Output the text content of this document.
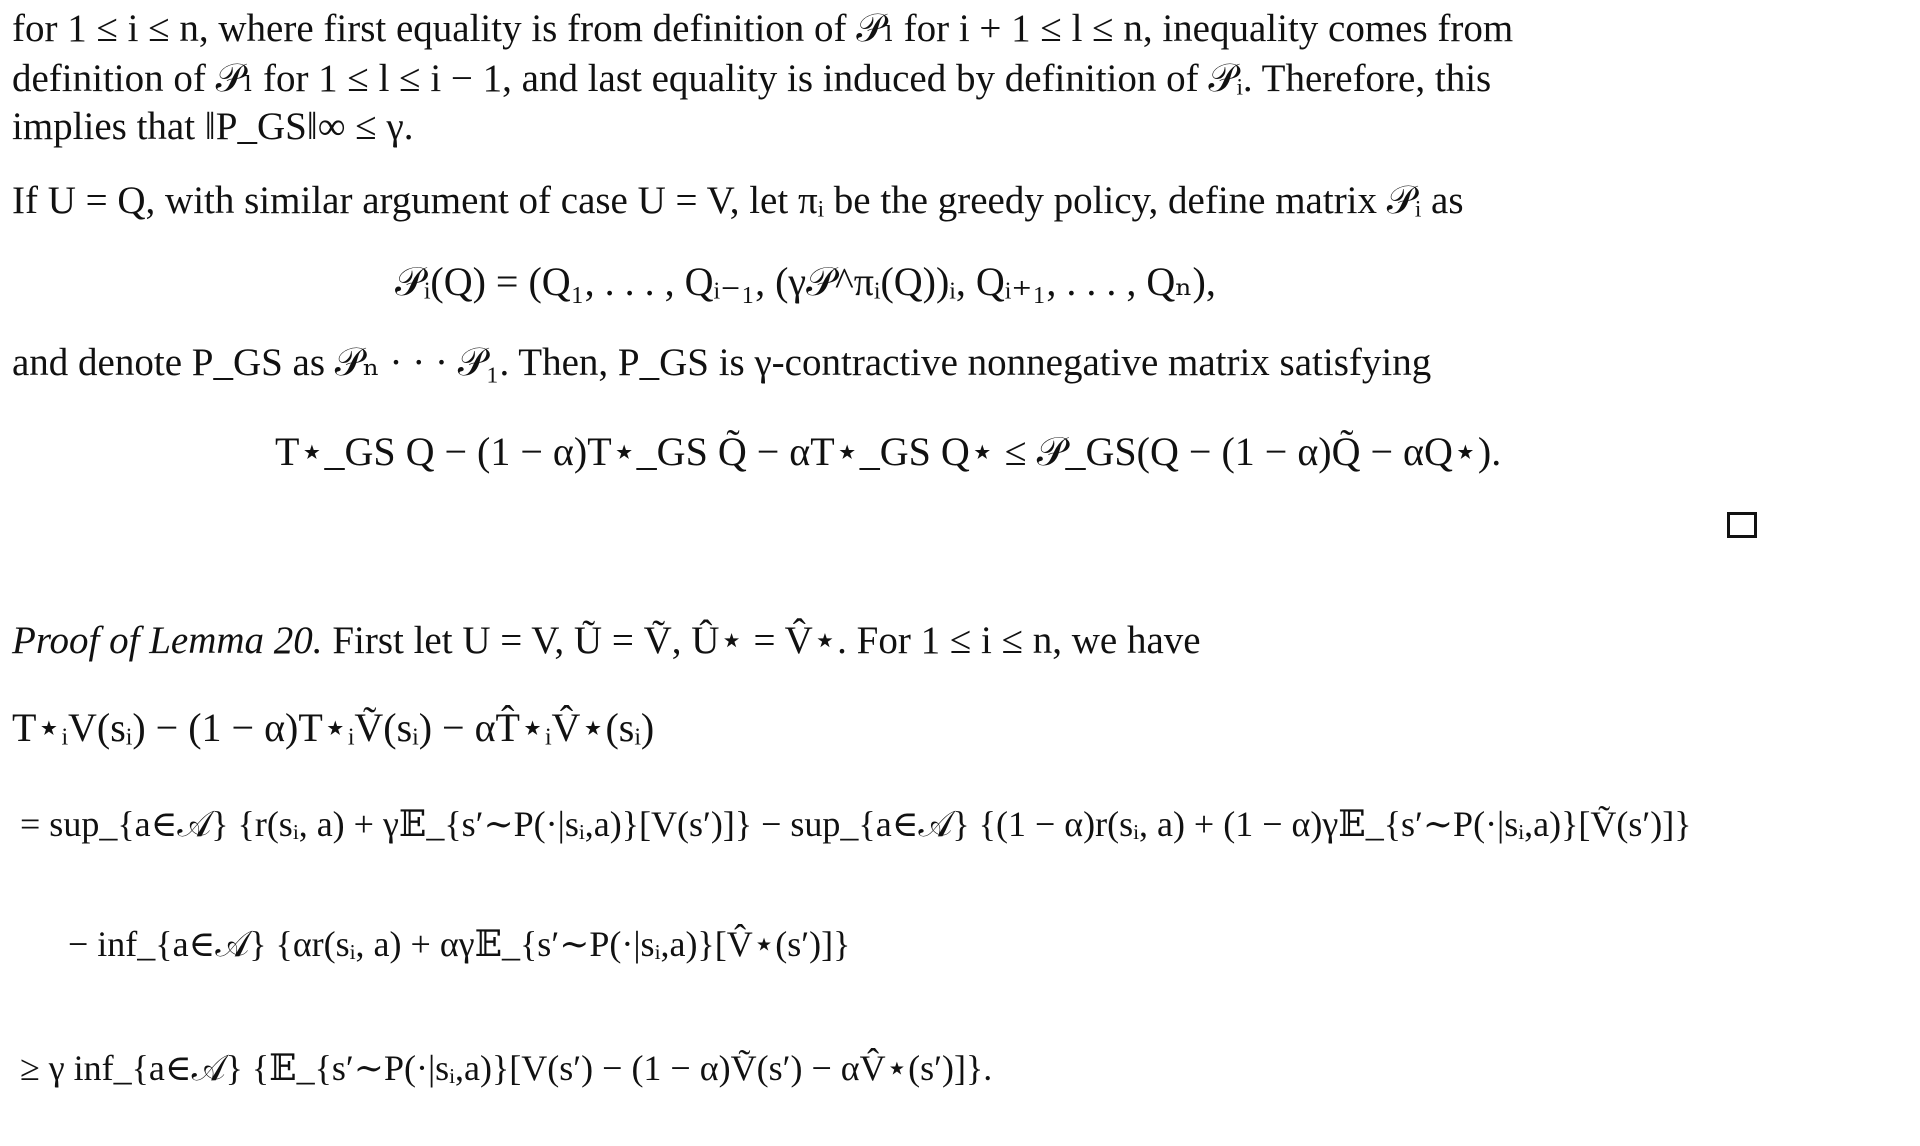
for 1 ≤ i ≤ n, where first equality is from definition of 𝒫ₗ for i + 1 ≤ l ≤ n, inequality comes from
definition of 𝒫ₗ for 1 ≤ l ≤ i − 1, and last equality is induced by definition of 𝒫ᵢ. Therefore, this
implies that ‖P_GS‖∞ ≤ γ.
If U = Q, with similar argument of case U = V, let πᵢ be the greedy policy, define matrix 𝒫ᵢ as
𝒫ᵢ(Q) = (Q₁, . . . , Qᵢ₋₁, (γ𝒫^πᵢ(Q))ᵢ, Qᵢ₊₁, . . . , Qₙ),
and denote P_GS as 𝒫ₙ · · · 𝒫₁. Then, P_GS is γ-contractive nonnegative matrix satisfying
T⋆_GS Q − (1 − α)T⋆_GS Q̃ − αT⋆_GS Q⋆ ≤ 𝒫_GS(Q − (1 − α)Q̃ − αQ⋆).
Proof of Lemma 20. First let U = V, Ũ = Ṽ, Û⋆ = V̂⋆. For 1 ≤ i ≤ n, we have
T⋆ᵢV(sᵢ) − (1 − α)T⋆ᵢṼ(sᵢ) − αT̂⋆ᵢV̂⋆(sᵢ)
= sup_{a∈𝒜} {r(sᵢ, a) + γ𝔼_{s′∼P(·|sᵢ,a)}[V(s′)]} − sup_{a∈𝒜} {(1 − α)r(sᵢ, a) + (1 − α)γ𝔼_{s′∼P(·|sᵢ,a)}[Ṽ(s′)]}
− inf_{a∈𝒜} {αr(sᵢ, a) + αγ𝔼_{s′∼P(·|sᵢ,a)}[V̂⋆(s′)]}
≥ γ inf_{a∈𝒜} {𝔼_{s′∼P(·|sᵢ,a)}[V(s′) − (1 − α)Ṽ(s′) − αV̂⋆(s′)]}.
